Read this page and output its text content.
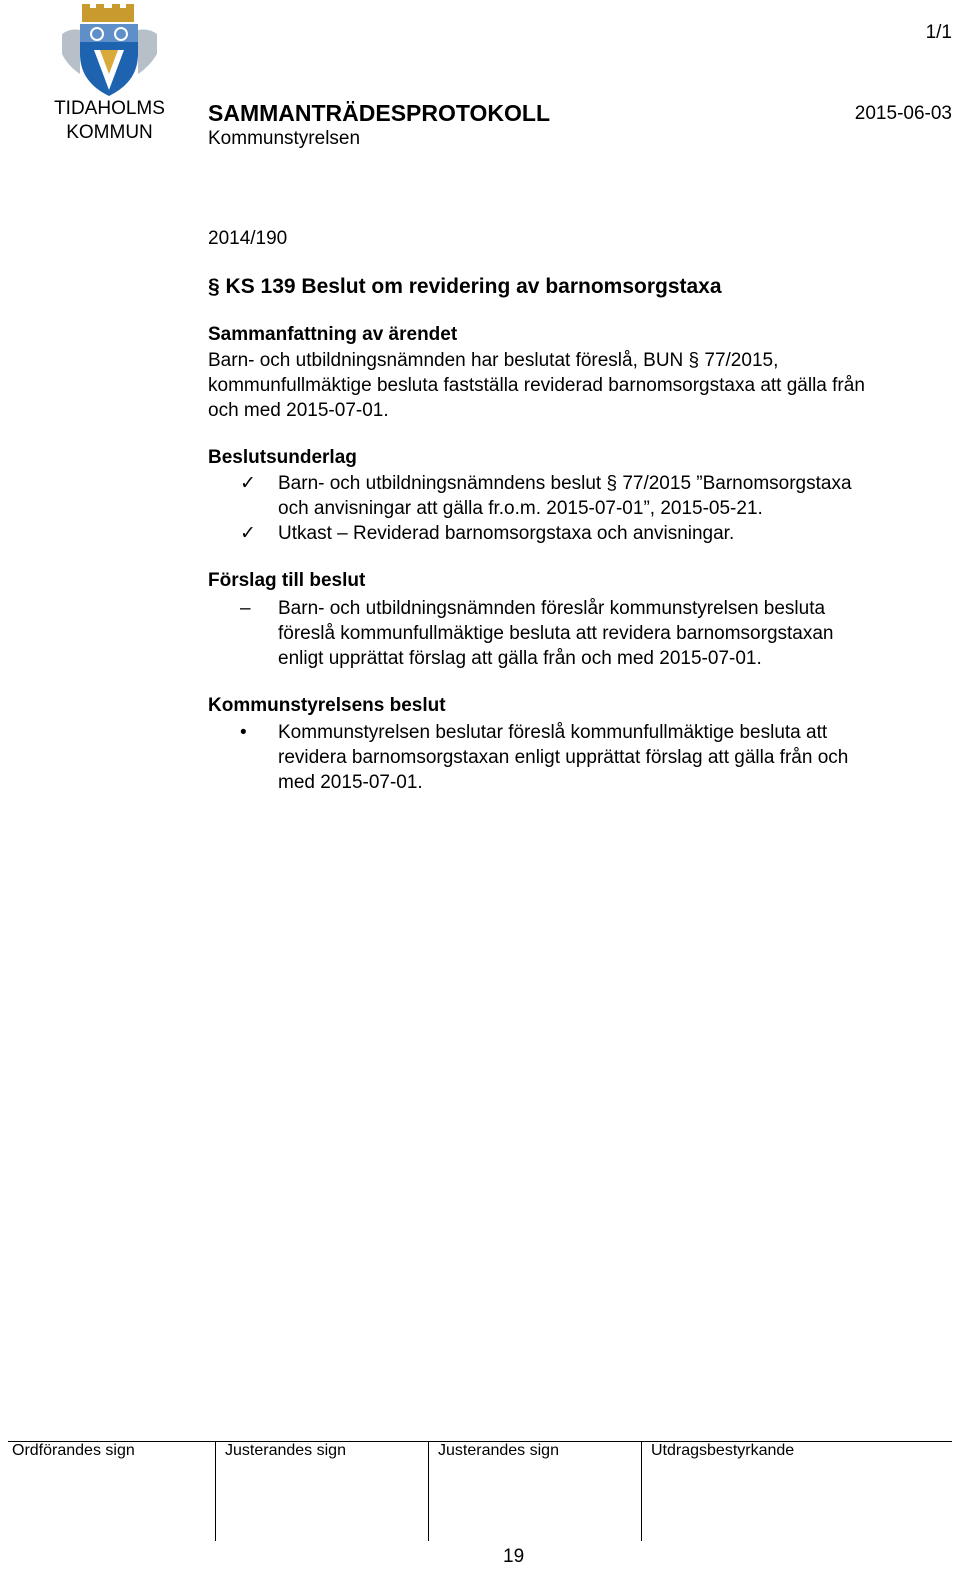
TIDAHOLMS
KOMMUN
1/1
SAMMANTRÄDESPROTOKOLL	2015-06-03
Kommunstyrelsen
2014/190
§ KS 139 Beslut om revidering av barnomsorgstaxa
Sammanfattning av ärendet
Barn- och utbildningsnämnden har beslutat föreslå, BUN § 77/2015,
kommunfullmäktige besluta fastställa reviderad barnomsorgstaxa att gälla från
och med 2015-07-01.
Beslutsunderlag
✓ Barn- och utbildningsnämndens beslut § 77/2015 ”Barnomsorgstaxa
och anvisningar att gälla fr.o.m. 2015-07-01”, 2015-05-21.
✓ Utkast – Reviderad barnomsorgstaxa och anvisningar.
Förslag till beslut
– Barn- och utbildningsnämnden föreslår kommunstyrelsen besluta
föreslå kommunfullmäktige besluta att revidera barnomsorgstaxan
enligt upprättat förslag att gälla från och med 2015-07-01.
Kommunstyrelsens beslut
• Kommunstyrelsen beslutar föreslå kommunfullmäktige besluta att
revidera barnomsorgstaxan enligt upprättat förslag att gälla från och
med 2015-07-01.
Ordförandes sign	Justerandes sign	Justerandes sign	Utdragsbestyrkande
19
